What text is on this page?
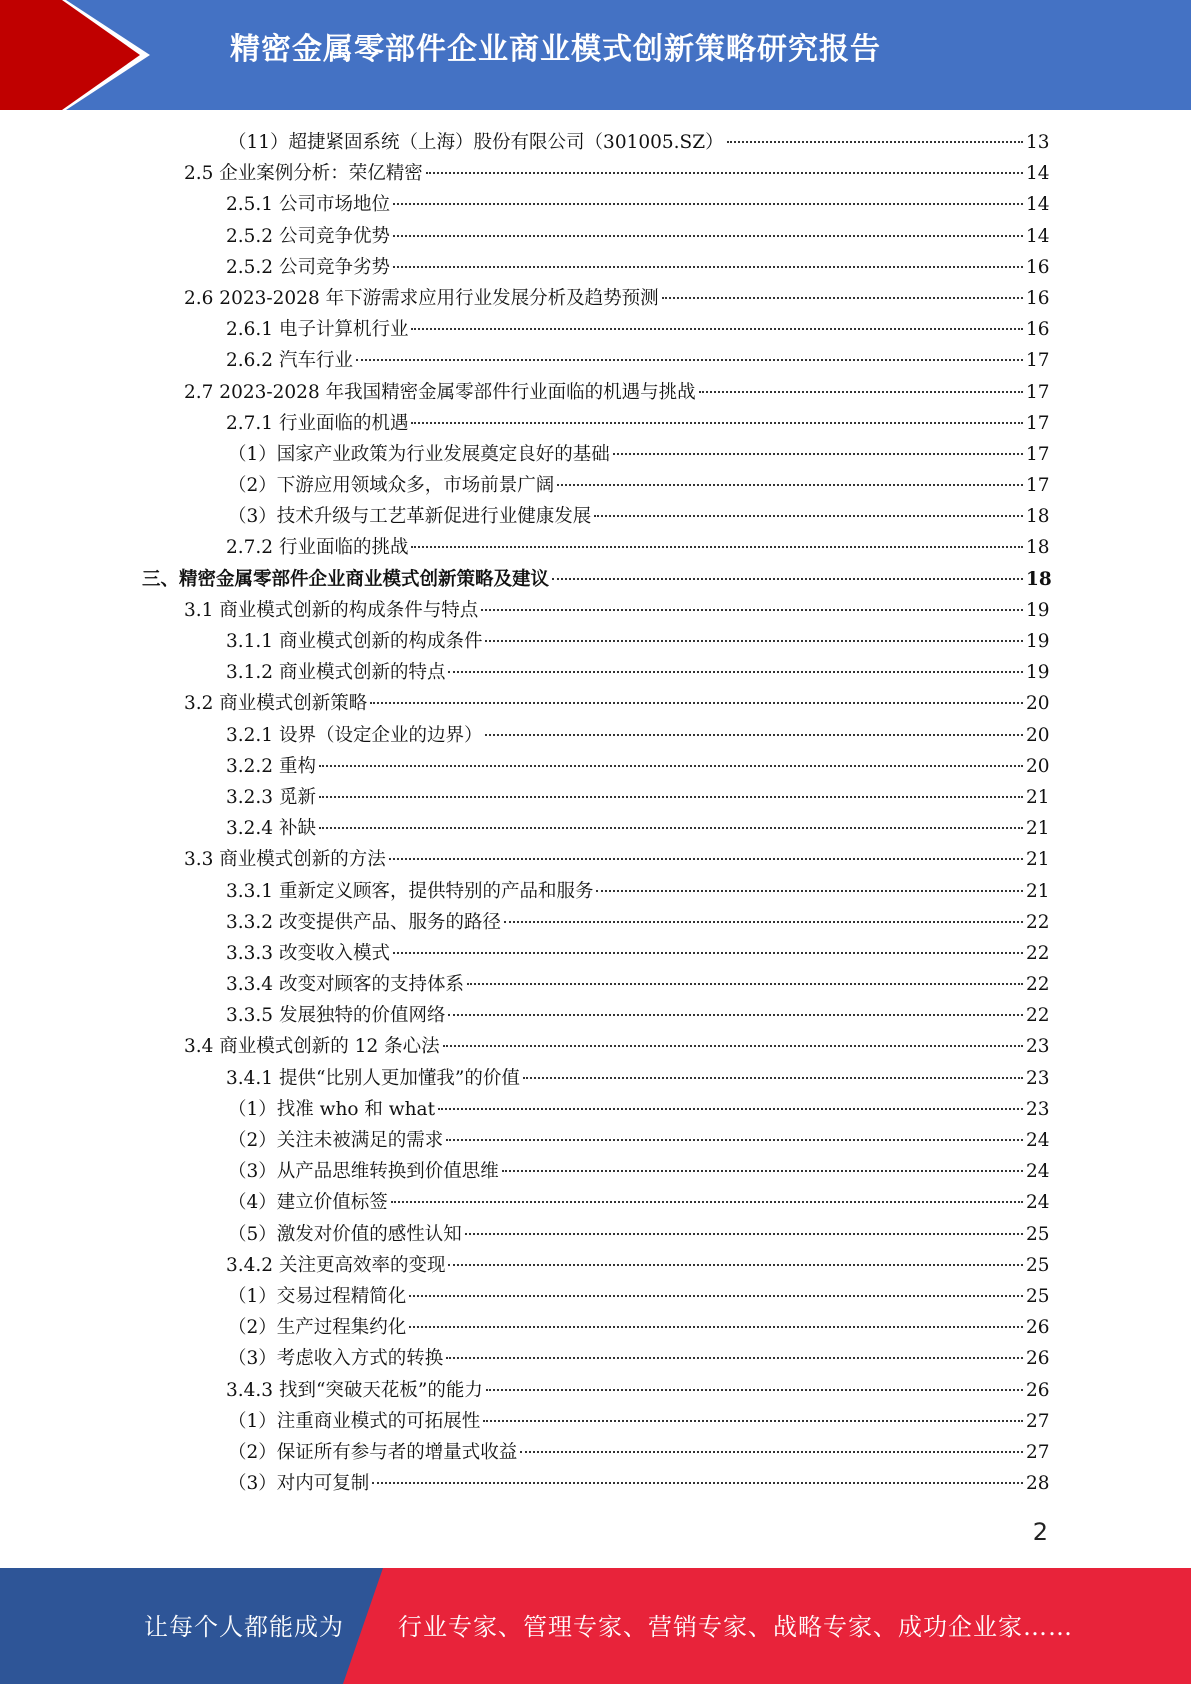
精密金属零部件企业商业模式创新策略研究报告
（11）超捷紧固系统（上海）股份有限公司（301005.SZ）	13
2.5 企业案例分析：荣亿精密	14
2.5.1 公司市场地位	14
2.5.2 公司竞争优势	14
2.5.2 公司竞争劣势	16
2.6 2023-2028 年下游需求应用行业发展分析及趋势预测	16
2.6.1 电子计算机行业	16
2.6.2 汽车行业	17
2.7 2023-2028 年我国精密金属零部件行业面临的机遇与挑战	17
2.7.1 行业面临的机遇	17
（1）国家产业政策为行业发展奠定良好的基础	17
（2）下游应用领域众多，市场前景广阔	17
（3）技术升级与工艺革新促进行业健康发展	18
2.7.2 行业面临的挑战	18
三、精密金属零部件企业商业模式创新策略及建议	18
3.1 商业模式创新的构成条件与特点	19
3.1.1 商业模式创新的构成条件	19
3.1.2 商业模式创新的特点	19
3.2 商业模式创新策略	20
3.2.1 设界（设定企业的边界）	20
3.2.2 重构	20
3.2.3 觅新	21
3.2.4 补缺	21
3.3 商业模式创新的方法	21
3.3.1 重新定义顾客，提供特别的产品和服务	21
3.3.2 改变提供产品、服务的路径	22
3.3.3 改变收入模式	22
3.3.4 改变对顾客的支持体系	22
3.3.5 发展独特的价值网络	22
3.4 商业模式创新的 12 条心法	23
3.4.1 提供“比别人更加懂我”的价值	23
（1）找准 who 和 what	23
（2）关注未被满足的需求	24
（3）从产品思维转换到价值思维	24
（4）建立价值标签	24
（5）激发对价值的感性认知	25
3.4.2 关注更高效率的变现	25
（1）交易过程精简化	25
（2）生产过程集约化	26
（3）考虑收入方式的转换	26
3.4.3 找到“突破天花板”的能力	26
（1）注重商业模式的可拓展性	27
（2）保证所有参与者的增量式收益	27
（3）对内可复制	28
2
让每个人都能成为 行业专家、管理专家、营销专家、战略专家、成功企业家……
